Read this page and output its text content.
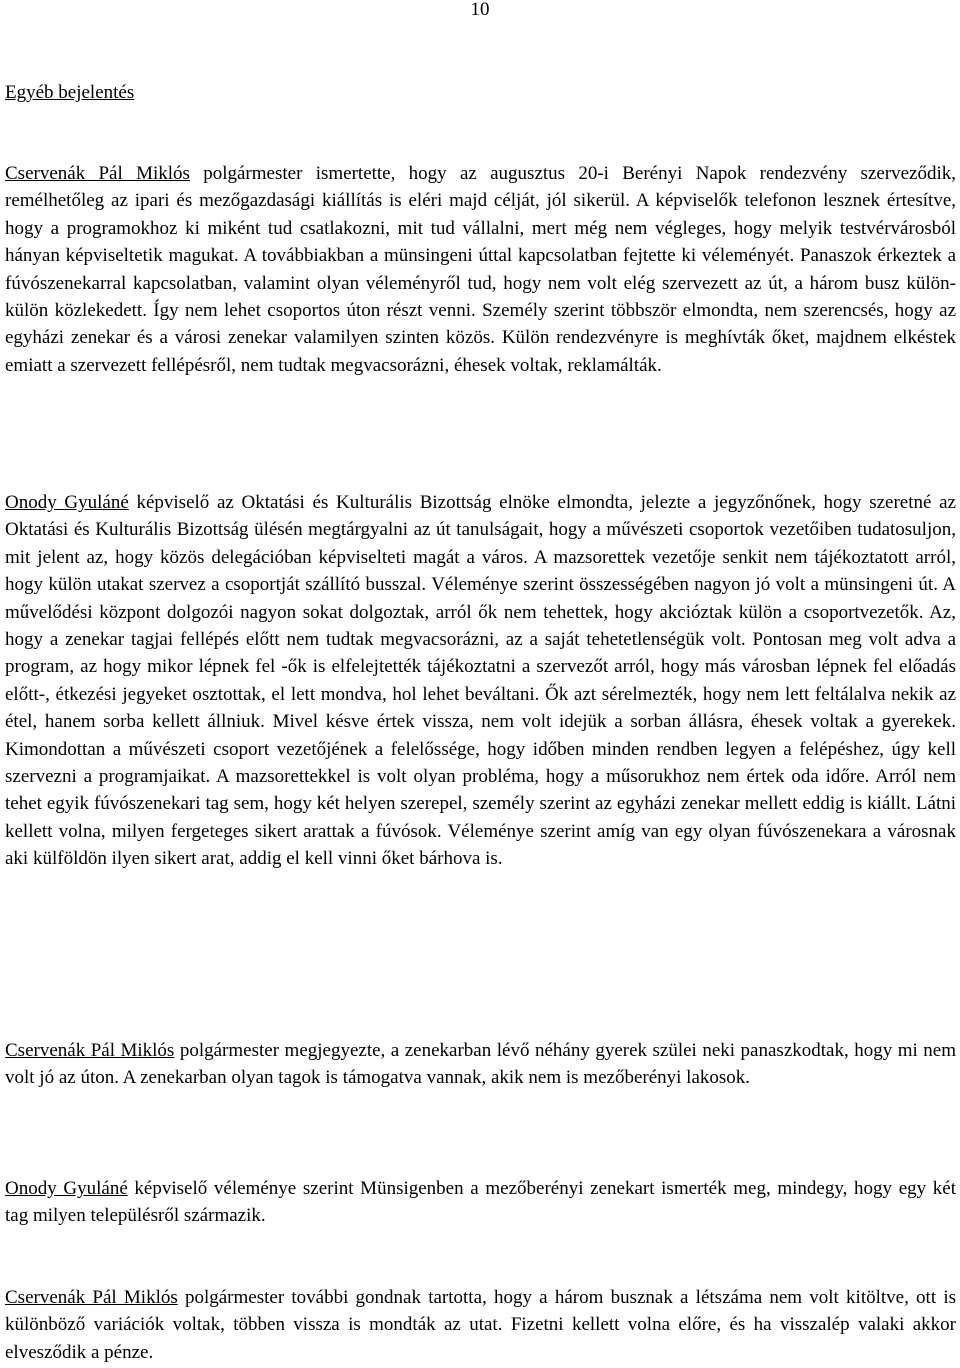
10
Egyéb bejelentés

Cservenák Pál Miklós polgármester ismertette, hogy az augusztus 20-i Berényi Napok rendezvény szerveződik, remélhetőleg az ipari és mezőgazdasági kiállítás is eléri majd célját, jól sikerül. A képviselők telefonon lesznek értesítve, hogy a programokhoz ki miként tud csatlakozni, mit tud vállalni, mert még nem végleges, hogy melyik testvérvárosból hányan képviseltetik magukat. A továbbiakban a münsingeni úttal kapcsolatban fejtette ki véleményét. Panaszok érkeztek a fúvószenekarral kapcsolatban, valamint olyan véleményről tud, hogy nem volt elég szervezett az út, a három busz külön-külön közlekedett. Így nem lehet csoportos úton részt venni. Személy szerint többször elmondta, nem szerencsés, hogy az egyházi zenekar és a városi zenekar valamilyen szinten közös. Külön rendezvényre is meghívták őket, majdnem elkéstek emiatt a szervezett fellépésről, nem tudtak megvacsorázni, éhesek voltak, reklamálták.

Onody Gyuláné képviselő az Oktatási és Kulturális Bizottság elnöke elmondta, jelezte a jegyzőnőnek, hogy szeretné az Oktatási és Kulturális Bizottság ülésén megtárgyalni az út tanulságait, hogy a művészeti csoportok vezetőiben tudatosuljon, mit jelent az, hogy közös delegációban képviselteti magát a város. A mazsorettek vezetője senkit nem tájékoztatott arról, hogy külön utakat szervez a csoportját szállító busszal. Véleménye szerint összességében nagyon jó volt a münsingeni út. A művelődési központ dolgozói nagyon sokat dolgoztak, arról ők nem tehettek, hogy akcióztak külön a csoportvezetők. Az, hogy a zenekar tagjai fellépés előtt nem tudtak megvacsorázni, az a saját tehetetlenségük volt. Pontosan meg volt adva a program, az hogy mikor lépnek fel -ők is elfelejtették tájékoztatni a szervezőt arról, hogy más városban lépnek fel előadás előtt-, étkezési jegyeket osztottak, el lett mondva, hol lehet beváltani. Ők azt sérelmezték, hogy nem lett feltálalva nekik az étel, hanem sorba kellett állniuk. Mivel késve értek vissza, nem volt idejük a sorban állásra, éhesek voltak a gyerekek. Kimondottan a művészeti csoport vezetőjének a felelőssége, hogy időben minden rendben legyen a felépéshez, úgy kell szervezni a programjaikat. A mazsorettekkel is volt olyan probléma, hogy a műsorukhoz nem értek oda időre. Arról nem tehet egyik fúvószenekari tag sem, hogy két helyen szerepel, személy szerint az egyházi zenekar mellett eddig is kiállt. Látni kellett volna, milyen fergeteges sikert arattak a fúvósok. Véleménye szerint amíg van egy olyan fúvószenekara a városnak aki külföldön ilyen sikert arat, addig el kell vinni őket bárhova is.

Cservenák Pál Miklós polgármester megjegyezte, a zenekarban lévő néhány gyerek szülei neki panaszkodtak, hogy mi nem volt jó az úton. A zenekarban olyan tagok is támogatva vannak, akik nem is mezőberényi lakosok.

Onody Gyuláné képviselő véleménye szerint Münsigenben a mezőberényi zenekart ismerték meg, mindegy, hogy egy két tag milyen településről származik.

Cservenák Pál Miklós polgármester további gondnak tartotta, hogy a három busznak a létszáma nem volt kitöltve, ott is különböző variációk voltak, többen vissza is mondták az utat. Fizetni kellett volna előre, és ha visszalép valaki akkor elvesződik a pénze.
